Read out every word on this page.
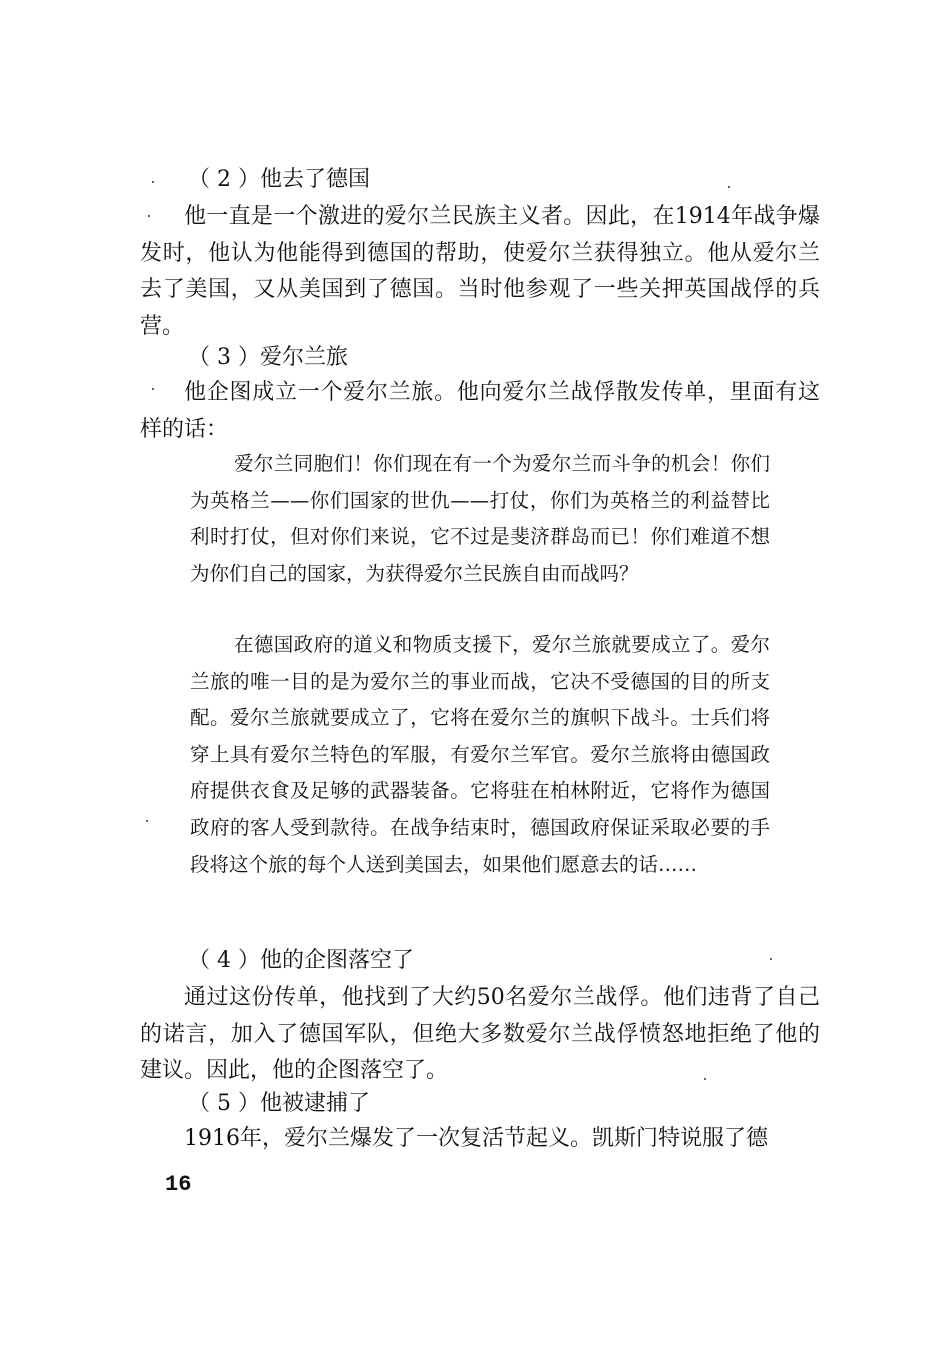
（ 2 ）他去了德国

他一直是一个激进的爱尔兰民族主义者。因此，在1914年战争爆发时，他认为他能得到德国的帮助，使爱尔兰获得独立。他从爱尔兰去了美国，又从美国到了德国。当时他参观了一些关押英国战俘的兵营。

（ 3 ）爱尔兰旅

他企图成立一个爱尔兰旅。他向爱尔兰战俘散发传单，里面有这样的话：

爱尔兰同胞们！你们现在有一个为爱尔兰而斗争的机会！你们为英格兰——你们国家的世仇——打仗，你们为英格兰的利益替比利时打仗，但对你们来说，它不过是斐济群岛而已！你们难道不想为你们自己的国家，为获得爱尔兰民族自由而战吗？

在德国政府的道义和物质支援下，爱尔兰旅就要成立了。爱尔兰旅的唯一目的是为爱尔兰的事业而战，它决不受德国的目的所支配。爱尔兰旅就要成立了，它将在爱尔兰的旗帜下战斗。士兵们将穿上具有爱尔兰特色的军服，有爱尔兰军官。爱尔兰旅将由德国政府提供衣食及足够的武器装备。它将驻在柏林附近，它将作为德国政府的客人受到款待。在战争结束时，德国政府保证采取必要的手段将这个旅的每个人送到美国去，如果他们愿意去的话……

（ 4 ）他的企图落空了

通过这份传单，他找到了大约50名爱尔兰战俘。他们违背了自己的诺言，加入了德国军队，但绝大多数爱尔兰战俘愤怒地拒绝了他的建议。因此，他的企图落空了。

（ 5 ）他被逮捕了

1916年，爱尔兰爆发了一次复活节起义。凯斯门特说服了德

16
